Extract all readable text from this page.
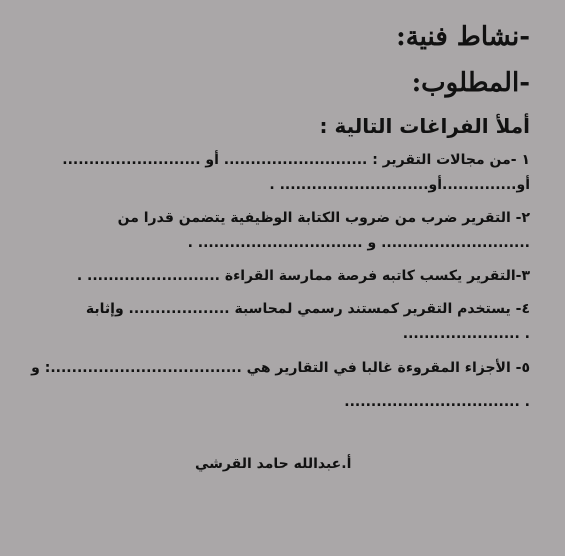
-نشاط فنية:
-المطلوب:
أملأ الفراغات التالية :
١ -من مجالات التقرير : ........................... أو ..........................
أو..............أو............................ .
٢- التقرير ضرب من ضروب الكتابة الوظيفية يتضمن قدرا من
............................ و ............................... .
٣-التقرير يكسب كاتبه فرصة ممارسة القراءة ......................... .
٤- يستخدم التقرير كمستند رسمي لمحاسبة ................... وإثابة
...................... .
٥- الأجزاء المقروءة غالبا في التقارير هي ....................................: و
................................. .
أ.عبدالله حامد القرشي
